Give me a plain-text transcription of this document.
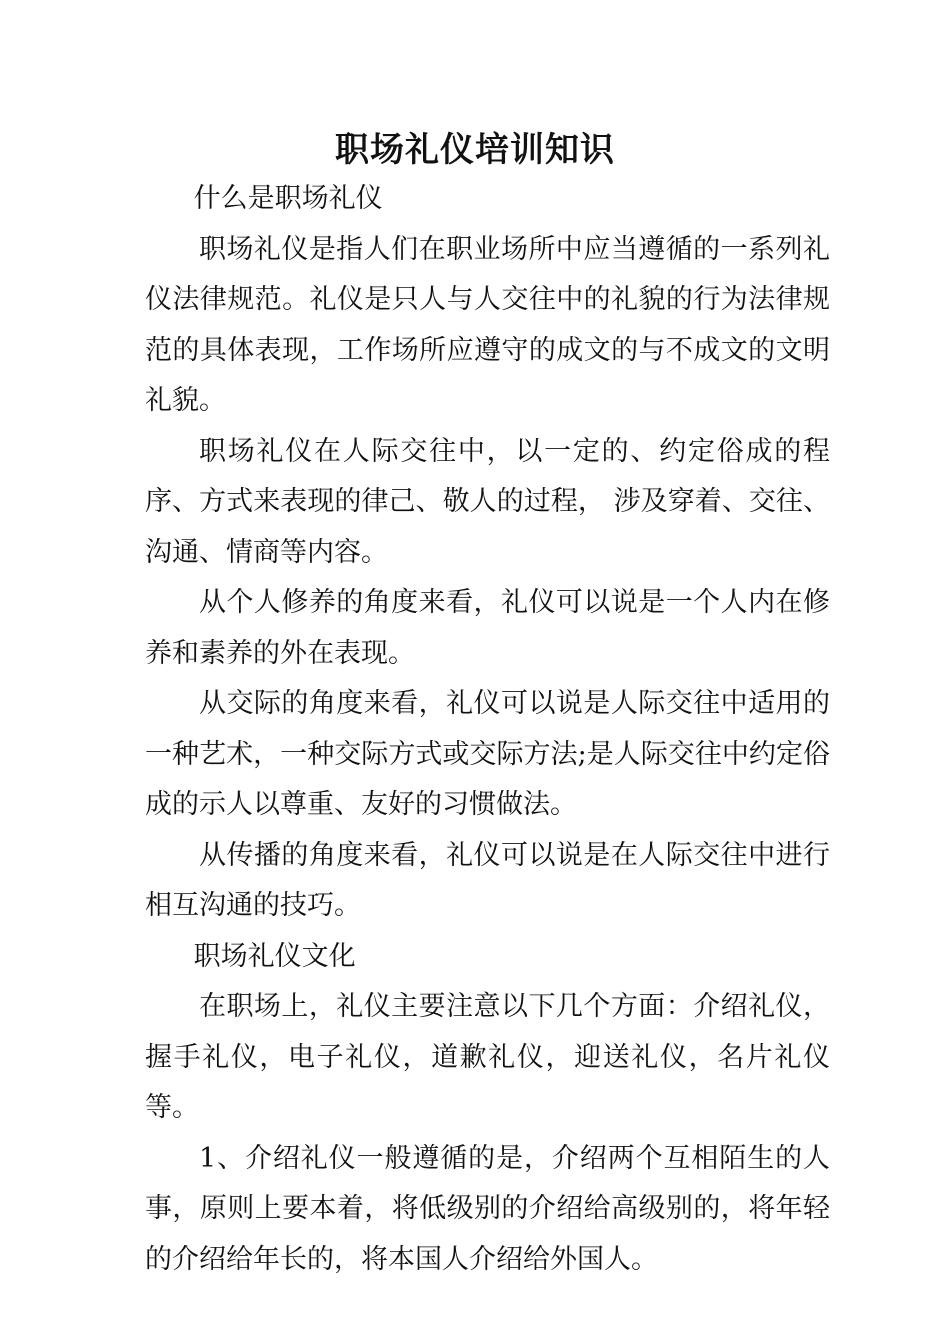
职场礼仪培训知识

什么是职场礼仪

职场礼仪是指人们在职业场所中应当遵循的一系列礼仪法律规范。礼仪是只人与人交往中的礼貌的行为法律规范的具体表现，工作场所应遵守的成文的与不成文的文明礼貌。

职场礼仪在人际交往中，以一定的、约定俗成的程序、方式来表现的律己、敬人的过程， 涉及穿着、交往、沟通、情商等内容。

从个人修养的角度来看，礼仪可以说是一个人内在修养和素养的外在表现。

从交际的角度来看，礼仪可以说是人际交往中适用的一种艺术，一种交际方式或交际方法;是人际交往中约定俗成的示人以尊重、友好的习惯做法。

从传播的角度来看，礼仪可以说是在人际交往中进行相互沟通的技巧。

职场礼仪文化

在职场上，礼仪主要注意以下几个方面：介绍礼仪，握手礼仪，电子礼仪，道歉礼仪，迎送礼仪，名片礼仪等。

1、介绍礼仪一般遵循的是，介绍两个互相陌生的人事，原则上要本着，将低级别的介绍给高级别的，将年轻的介绍给年长的，将本国人介绍给外国人。
